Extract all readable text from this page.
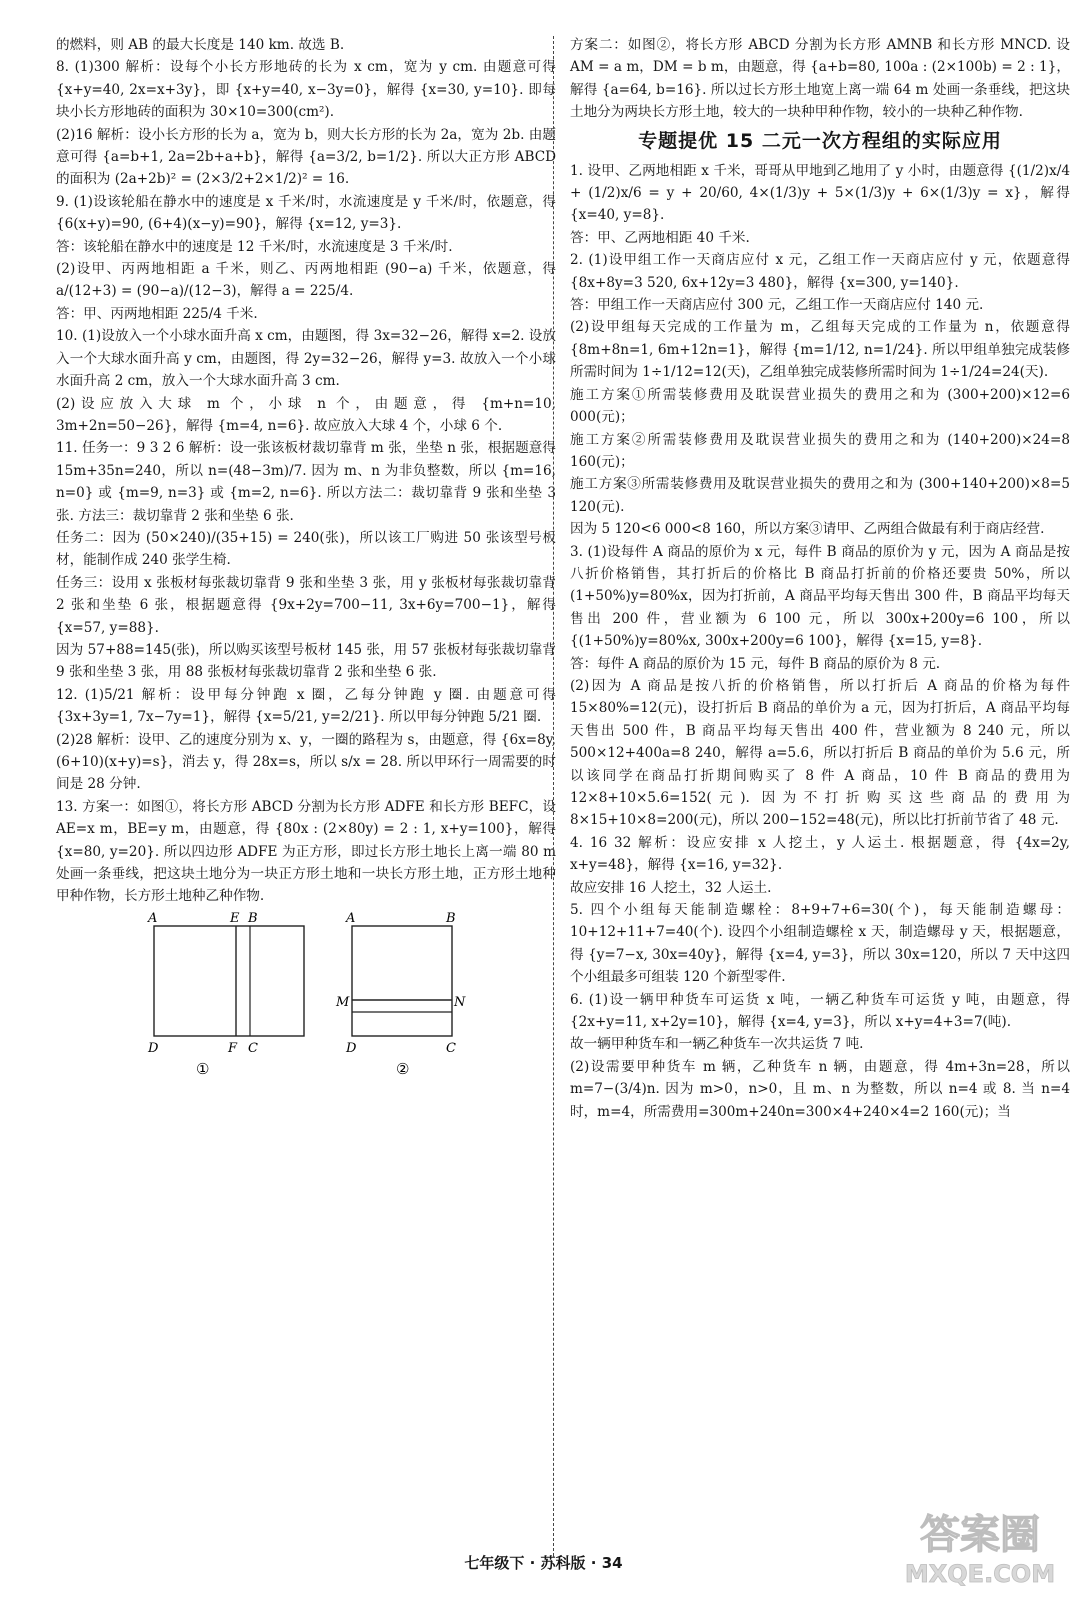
的燃料，则 AB 的最大长度是 140 km. 故选 B.

8. (1)300 解析：设每个小长方形地砖的长为 x cm，宽为 y cm. 由题意可得 {x+y=40, 2x=x+3y}，即 {x+y=40, x−3y=0}，解得 {x=30, y=10}. 即每块小长方形地砖的面积为 30×10=300(cm²).

(2)16 解析：设小长方形的长为 a，宽为 b，则大长方形的长为 2a，宽为 2b. 由题意可得 {a=b+1, 2a=2b+a+b}，解得 {a=3/2, b=1/2}. 所以大正方形 ABCD 的面积为 (2a+2b)² = (2×3/2+2×1/2)² = 16.

9. (1)设该轮船在静水中的速度是 x 千米/时，水流速度是 y 千米/时，依题意，得 {6(x+y)=90, (6+4)(x−y)=90}，解得 {x=12, y=3}.

答：该轮船在静水中的速度是 12 千米/时，水流速度是 3 千米/时.

(2)设甲、丙两地相距 a 千米，则乙、丙两地相距 (90−a) 千米，依题意，得 a/(12+3) = (90−a)/(12−3)，解得 a = 225/4.

答：甲、丙两地相距 225/4 千米.

10. (1)设放入一个小球水面升高 x cm，由题图，得 3x=32−26，解得 x=2. 设放入一个大球水面升高 y cm，由题图，得 2y=32−26，解得 y=3. 故放入一个小球水面升高 2 cm，放入一个大球水面升高 3 cm.

(2)设应放入大球 m 个，小球 n 个，由题意，得 {m+n=10, 3m+2n=50−26}，解得 {m=4, n=6}. 故应放入大球 4 个，小球 6 个.

11. 任务一：9 3 2 6 解析：设一张该板材裁切靠背 m 张，坐垫 n 张，根据题意得 15m+35n=240，所以 n=(48−3m)/7. 因为 m、n 为非负整数，所以 {m=16, n=0} 或 {m=9, n=3} 或 {m=2, n=6}. 所以方法二：裁切靠背 9 张和坐垫 3 张. 方法三：裁切靠背 2 张和坐垫 6 张.

任务二：因为 (50×240)/(35+15) = 240(张)，所以该工厂购进 50 张该型号板材，能制作成 240 张学生椅.

任务三：设用 x 张板材每张裁切靠背 9 张和坐垫 3 张，用 y 张板材每张裁切靠背 2 张和坐垫 6 张，根据题意得 {9x+2y=700−11, 3x+6y=700−1}，解得 {x=57, y=88}.

因为 57+88=145(张)，所以购买该型号板材 145 张，用 57 张板材每张裁切靠背 9 张和坐垫 3 张，用 88 张板材每张裁切靠背 2 张和坐垫 6 张.

12. (1)5/21 解析：设甲每分钟跑 x 圈，乙每分钟跑 y 圈. 由题意可得 {3x+3y=1, 7x−7y=1}，解得 {x=5/21, y=2/21}. 所以甲每分钟跑 5/21 圈.

(2)28 解析：设甲、乙的速度分别为 x、y，一圈的路程为 s，由题意，得 {6x=8y, (6+10)(x+y)=s}，消去 y，得 28x=s，所以 s/x = 28. 所以甲环行一周需要的时间是 28 分钟.

13. 方案一：如图①，将长方形 ABCD 分割为长方形 ADFE 和长方形 BEFC，设 AE=x m，BE=y m，由题意，得 {80x : (2×80y) = 2 : 1, x+y=100}，解得 {x=80, y=20}. 所以四边形 ADFE 为正方形，即过长方形土地长上离一端 80 m 处画一条垂线，把这块土地分为一块正方形土地和一块长方形土地，正方形土地种甲种作物，长方形土地种乙种作物.

A	E B
D	F C
①
A	B
M	N
D	C
②

方案二：如图②，将长方形 ABCD 分割为长方形 AMNB 和长方形 MNCD. 设 AM = a m，DM = b m，由题意，得 {a+b=80, 100a : (2×100b) = 2 : 1}，解得 {a=64, b=16}. 所以过长方形土地宽上离一端 64 m 处画一条垂线，把这块土地分为两块长方形土地，较大的一块种甲种作物，较小的一块种乙种作物.

专题提优 15 二元一次方程组的实际应用

1. 设甲、乙两地相距 x 千米，哥哥从甲地到乙地用了 y 小时，由题意得 {(1/2)x/4 + (1/2)x/6 = y + 20/60, 4×(1/3)y + 5×(1/3)y + 6×(1/3)y = x}，解得 {x=40, y=8}.

答：甲、乙两地相距 40 千米.

2. (1)设甲组工作一天商店应付 x 元，乙组工作一天商店应付 y 元，依题意得 {8x+8y=3 520, 6x+12y=3 480}，解得 {x=300, y=140}.

答：甲组工作一天商店应付 300 元，乙组工作一天商店应付 140 元.

(2)设甲组每天完成的工作量为 m，乙组每天完成的工作量为 n，依题意得 {8m+8n=1, 6m+12n=1}，解得 {m=1/12, n=1/24}. 所以甲组单独完成装修所需时间为 1÷1/12=12(天)，乙组单独完成装修所需时间为 1÷1/24=24(天).

施工方案①所需装修费用及耽误营业损失的费用之和为 (300+200)×12=6 000(元)；

施工方案②所需装修费用及耽误营业损失的费用之和为 (140+200)×24=8 160(元)；

施工方案③所需装修费用及耽误营业损失的费用之和为 (300+140+200)×8=5 120(元).

因为 5 120<6 000<8 160，所以方案③请甲、乙两组合做最有利于商店经营.

3. (1)设每件 A 商品的原价为 x 元，每件 B 商品的原价为 y 元，因为 A 商品是按八折价格销售，其打折后的价格比 B 商品打折前的价格还要贵 50%，所以 (1+50%)y=80%x，因为打折前，A 商品平均每天售出 300 件，B 商品平均每天售出 200 件，营业额为 6 100 元，所以 300x+200y=6 100，所以 {(1+50%)y=80%x, 300x+200y=6 100}，解得 {x=15, y=8}.

答：每件 A 商品的原价为 15 元，每件 B 商品的原价为 8 元.

(2)因为 A 商品是按八折的价格销售，所以打折后 A 商品的价格为每件 15×80%=12(元)，设打折后 B 商品的单价为 a 元，因为打折后，A 商品平均每天售出 500 件，B 商品平均每天售出 400 件，营业额为 8 240 元，所以 500×12+400a=8 240，解得 a=5.6，所以打折后 B 商品的单价为 5.6 元，所以该同学在商品打折期间购买了 8 件 A 商品，10 件 B 商品的费用为 12×8+10×5.6=152(元). 因为不打折购买这些商品的费用为 8×15+10×8=200(元)，所以 200−152=48(元)，所以比打折前节省了 48 元.

4. 16 32 解析：设应安排 x 人挖土，y 人运土. 根据题意，得 {4x=2y, x+y=48}，解得 {x=16, y=32}.

故应安排 16 人挖土，32 人运土.

5. 四个小组每天能制造螺栓：8+9+7+6=30(个)，每天能制造螺母：10+12+11+7=40(个). 设四个小组制造螺栓 x 天，制造螺母 y 天，根据题意，得 {y=7−x, 30x=40y}，解得 {x=4, y=3}，所以 30x=120，所以 7 天中这四个小组最多可组装 120 个新型零件.

6. (1)设一辆甲种货车可运货 x 吨，一辆乙种货车可运货 y 吨，由题意，得 {2x+y=11, x+2y=10}，解得 {x=4, y=3}，所以 x+y=4+3=7(吨).

故一辆甲种货车和一辆乙种货车一次共运货 7 吨.

(2)设需要甲种货车 m 辆，乙种货车 n 辆，由题意，得 4m+3n=28，所以 m=7−(3/4)n. 因为 m>0，n>0，且 m、n 为整数，所以 n=4 或 8. 当 n=4 时，m=4，所需费用=300m+240n=300×4+240×4=2 160(元)；当

七年级下 · 苏科版 · 34
答案圈
MXQE.COM
